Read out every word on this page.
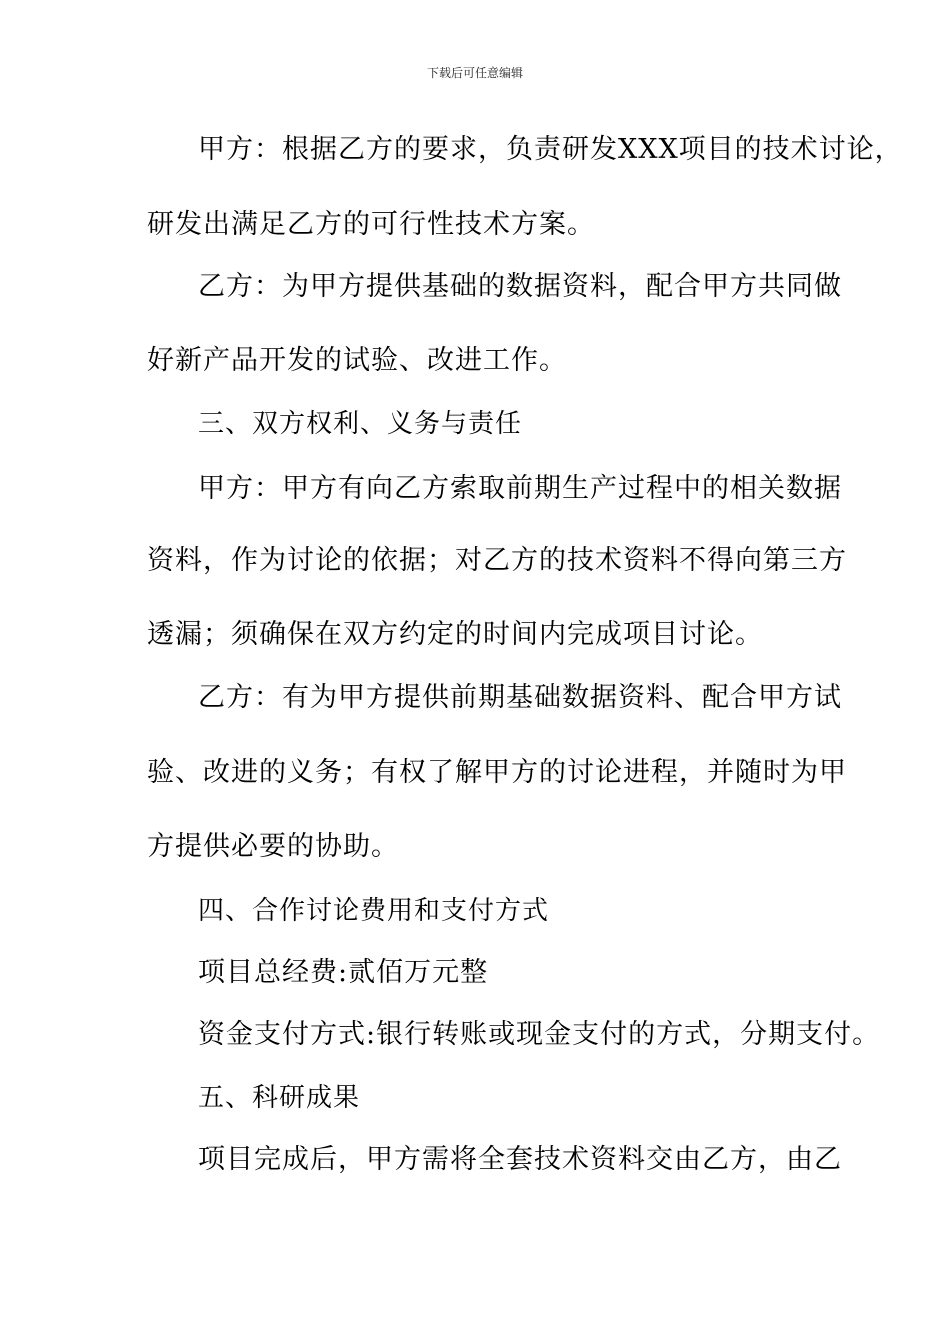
下载后可任意编辑
甲方：根据乙方的要求，负责研发XXX项目的技术讨论，
研发出满足乙方的可行性技术方案。
乙方：为甲方提供基础的数据资料，配合甲方共同做
好新产品开发的试验、改进工作。
三、双方权利、义务与责任
甲方：甲方有向乙方索取前期生产过程中的相关数据
资料，作为讨论的依据；对乙方的技术资料不得向第三方
透漏；须确保在双方约定的时间内完成项目讨论。
乙方：有为甲方提供前期基础数据资料、配合甲方试
验、改进的义务；有权了解甲方的讨论进程，并随时为甲
方提供必要的协助。
四、合作讨论费用和支付方式
项目总经费:贰佰万元整
资金支付方式:银行转账或现金支付的方式，分期支付。
五、科研成果
项目完成后，甲方需将全套技术资料交由乙方，由乙
